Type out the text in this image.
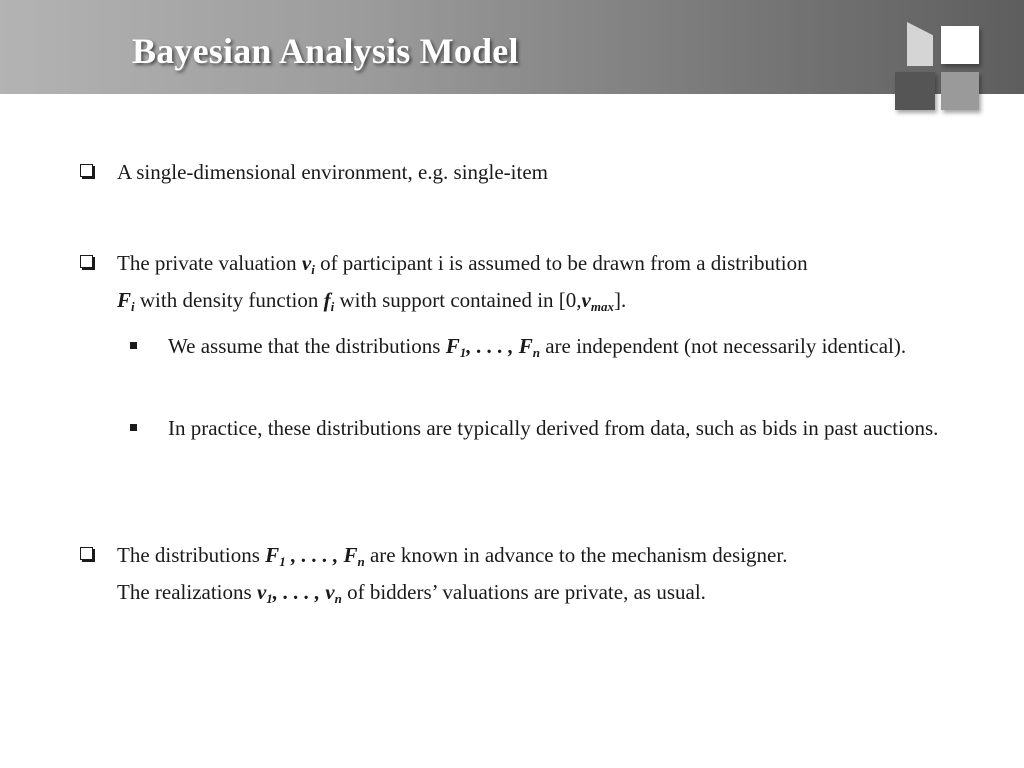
Bayesian Analysis Model
A single-dimensional environment, e.g. single-item
The private valuation $v_i$ of participant i is assumed to be drawn from a distribution
$F_i$ with density function $f_i$ with support contained in $[0,v_{max}]$.
We assume that the distributions $F_1$, . . . , $F_n$ are independent (not necessarily identical).
In practice, these distributions are typically derived from data, such as bids in past auctions.
The distributions $F_1$ , . . . , $F_n$ are known in advance to the mechanism designer.
The realizations $v_1$, . . . , $v_n$ of bidders’ valuations are private, as usual.
